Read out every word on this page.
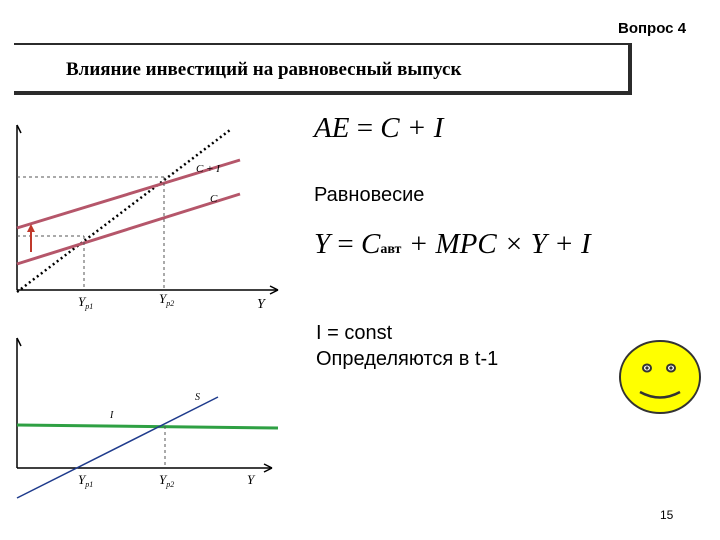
Вопрос 4
Влияние инвестиций на равновесный выпуск
C + I
C
$Y_{p1}$
$Y_{p2}$	Y
I
S
$Y_{p1}$	$Y_{p2}$	Y
AE = C + I
Равновесие
Y = Cавт + MPC × Y + I
I = const
Определяются в t-1
15
